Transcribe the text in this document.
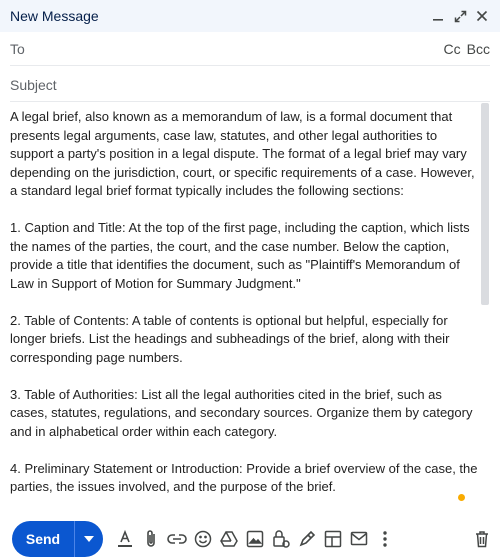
New Message
To	Cc Bcc
Subject

A legal brief, also known as a memorandum of law, is a formal document that presents legal arguments, case law, statutes, and other legal authorities to support a party's position in a legal dispute. The format of a legal brief may vary depending on the jurisdiction, court, or specific requirements of a case. However, a standard legal brief format typically includes the following sections:

1. Caption and Title: At the top of the first page, including the caption, which lists the names of the parties, the court, and the case number. Below the caption, provide a title that identifies the document, such as "Plaintiff's Memorandum of Law in Support of Motion for Summary Judgment."

2. Table of Contents: A table of contents is optional but helpful, especially for longer briefs. List the headings and subheadings of the brief, along with their corresponding page numbers.

3. Table of Authorities: List all the legal authorities cited in the brief, such as cases, statutes, regulations, and secondary sources. Organize them by category and in alphabetical order within each category.

4. Preliminary Statement or Introduction: Provide a brief overview of the case, the parties, the issues involved, and the purpose of the brief.

Send
